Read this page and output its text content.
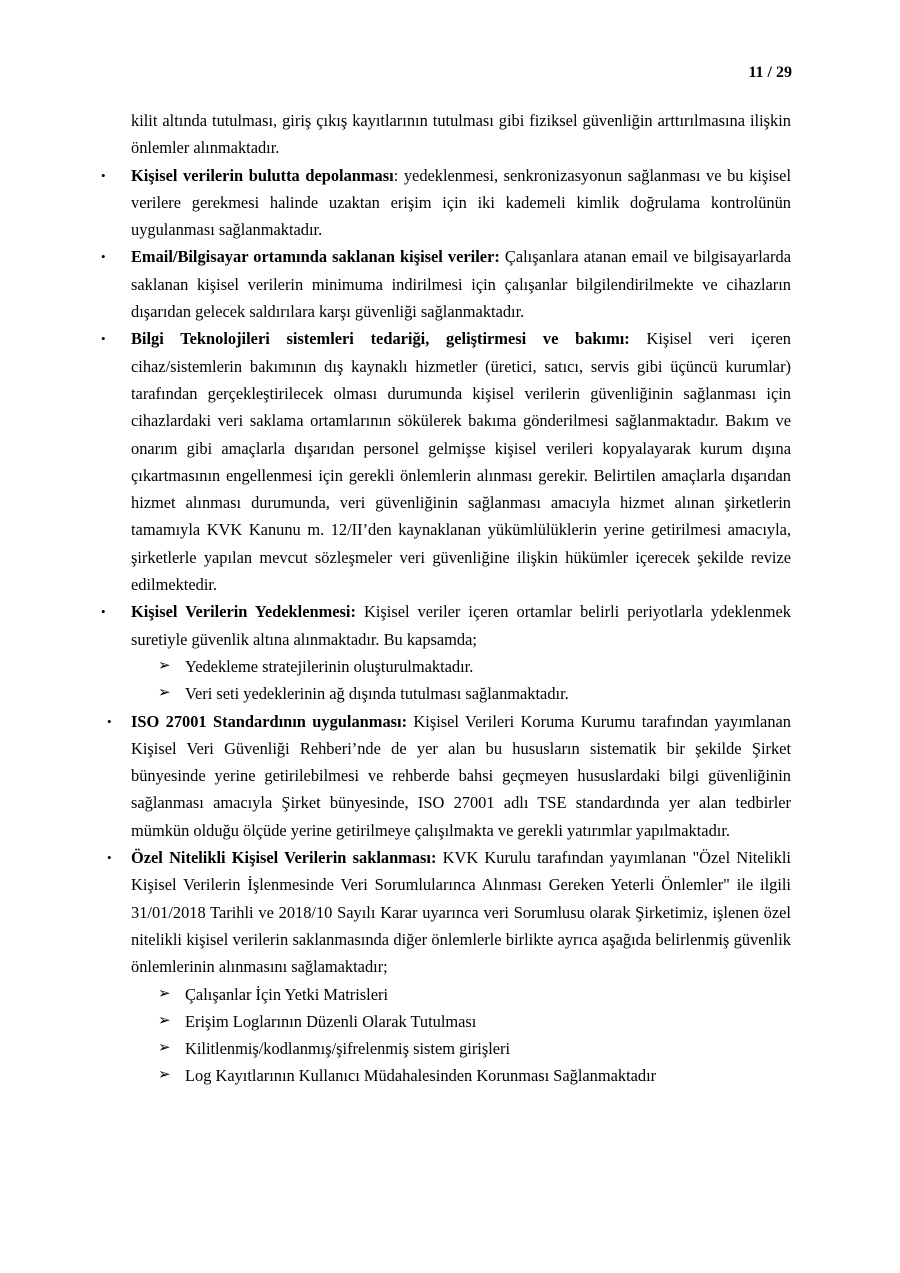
11 / 29

kilit altında tutulması, giriş çıkış kayıtlarının tutulması gibi fiziksel güvenliğin arttırılmasına ilişkin önlemler alınmaktadır.

• Kişisel verilerin bulutta depolanması: yedeklenmesi, senkronizasyonun sağlanması ve bu kişisel verilere gerekmesi halinde uzaktan erişim için iki kademeli kimlik doğrulama kontrolünün uygulanması sağlanmaktadır.
• Email/Bilgisayar ortamında saklanan kişisel veriler: Çalışanlara atanan email ve bilgisayarlarda saklanan kişisel verilerin minimuma indirilmesi için çalışanlar bilgilendirilmekte ve cihazların dışarıdan gelecek saldırılara karşı güvenliği sağlanmaktadır.
• Bilgi Teknolojileri sistemleri tedariği, geliştirmesi ve bakımı: Kişisel veri içeren cihaz/sistemlerin bakımının dış kaynaklı hizmetler (üretici, satıcı, servis gibi üçüncü kurumlar) tarafından gerçekleştirilecek olması durumunda kişisel verilerin güvenliğinin sağlanması için cihazlardaki veri saklama ortamlarının sökülerek bakıma gönderilmesi sağlanmaktadır. Bakım ve onarım gibi amaçlarla dışarıdan personel gelmişse kişisel verileri kopyalayarak kurum dışına çıkartmasının engellenmesi için gerekli önlemlerin alınması gerekir. Belirtilen amaçlarla dışarıdan hizmet alınması durumunda, veri güvenliğinin sağlanması amacıyla hizmet alınan şirketlerin tamamıyla KVK Kanunu m. 12/II’den kaynaklanan yükümlülüklerin yerine getirilmesi amacıyla, şirketlerle yapılan mevcut sözleşmeler veri güvenliğine ilişkin hükümler içerecek şekilde revize edilmektedir.
• Kişisel Verilerin Yedeklenmesi: Kişisel veriler içeren ortamlar belirli periyotlarla ydeklenmek suretiyle güvenlik altına alınmaktadır. Bu kapsamda;
➢ Yedekleme stratejilerinin oluşturulmaktadır.
➢ Veri seti yedeklerinin ağ dışında tutulması sağlanmaktadır.
• ISO 27001 Standardının uygulanması: Kişisel Verileri Koruma Kurumu tarafından yayımlanan Kişisel Veri Güvenliği Rehberi’nde de yer alan bu hususların sistematik bir şekilde Şirket bünyesinde yerine getirilebilmesi ve rehberde bahsi geçmeyen hususlardaki bilgi güvenliğinin sağlanması amacıyla Şirket bünyesinde, ISO 27001 adlı TSE standardında yer alan tedbirler mümkün olduğu ölçüde yerine getirilmeye çalışılmakta ve gerekli yatırımlar yapılmaktadır.
• Özel Nitelikli Kişisel Verilerin saklanması: KVK Kurulu tarafından yayımlanan "Özel Nitelikli Kişisel Verilerin İşlenmesinde Veri Sorumlularınca Alınması Gereken Yeterli Önlemler" ile ilgili 31/01/2018 Tarihli ve 2018/10 Sayılı Karar uyarınca veri Sorumlusu olarak Şirketimiz, işlenen özel nitelikli kişisel verilerin saklanmasında diğer önlemlerle birlikte ayrıca aşağıda belirlenmiş güvenlik önlemlerinin alınmasını sağlamaktadır;
➢ Çalışanlar İçin Yetki Matrisleri
➢ Erişim Loglarının Düzenli Olarak Tutulması
➢ Kilitlenmiş/kodlanmış/şifrelenmiş sistem girişleri
➢ Log Kayıtlarının Kullanıcı Müdahalesinden Korunması Sağlanmaktadır
